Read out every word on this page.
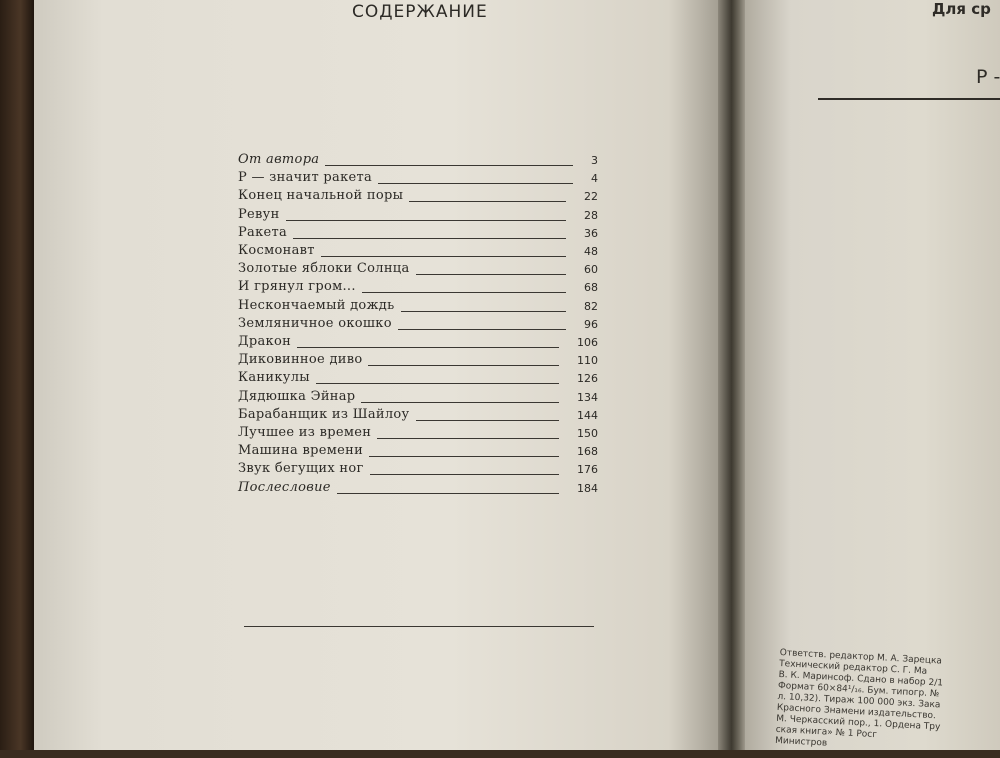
СОДЕРЖАНИЕ
От автора	3
Р — значит ракета	4
Конец начальной поры	22
Ревун	28
Ракета	36
Космонавт	48
Золотые яблоки Солнца	60
И грянул гром...	68
Нескончаемый дождь	82
Земляничное окошко	96
Дракон	106
Диковинное диво	110
Каникулы	126
Дядюшка Эйнар	134
Барабанщик из Шайлоу	144
Лучшее из времен	150
Машина времени	168
Звук бегущих ног	176
Послесловие	184
Для ср
Р -
Ответств. редактор М. А. Зарецка
Технический редактор С. Г. Ма
В. К. Маринсоф. Сдано в набор 2/1
Формат 60×84¹/₁₆. Бум. типогр. №
л. 10,32). Тираж 100 000 экз. Зака
Красного Знамени издательство.
М. Черкасский пор., 1. Ордена Тру
ская книга» № 1 Росг
Министров
